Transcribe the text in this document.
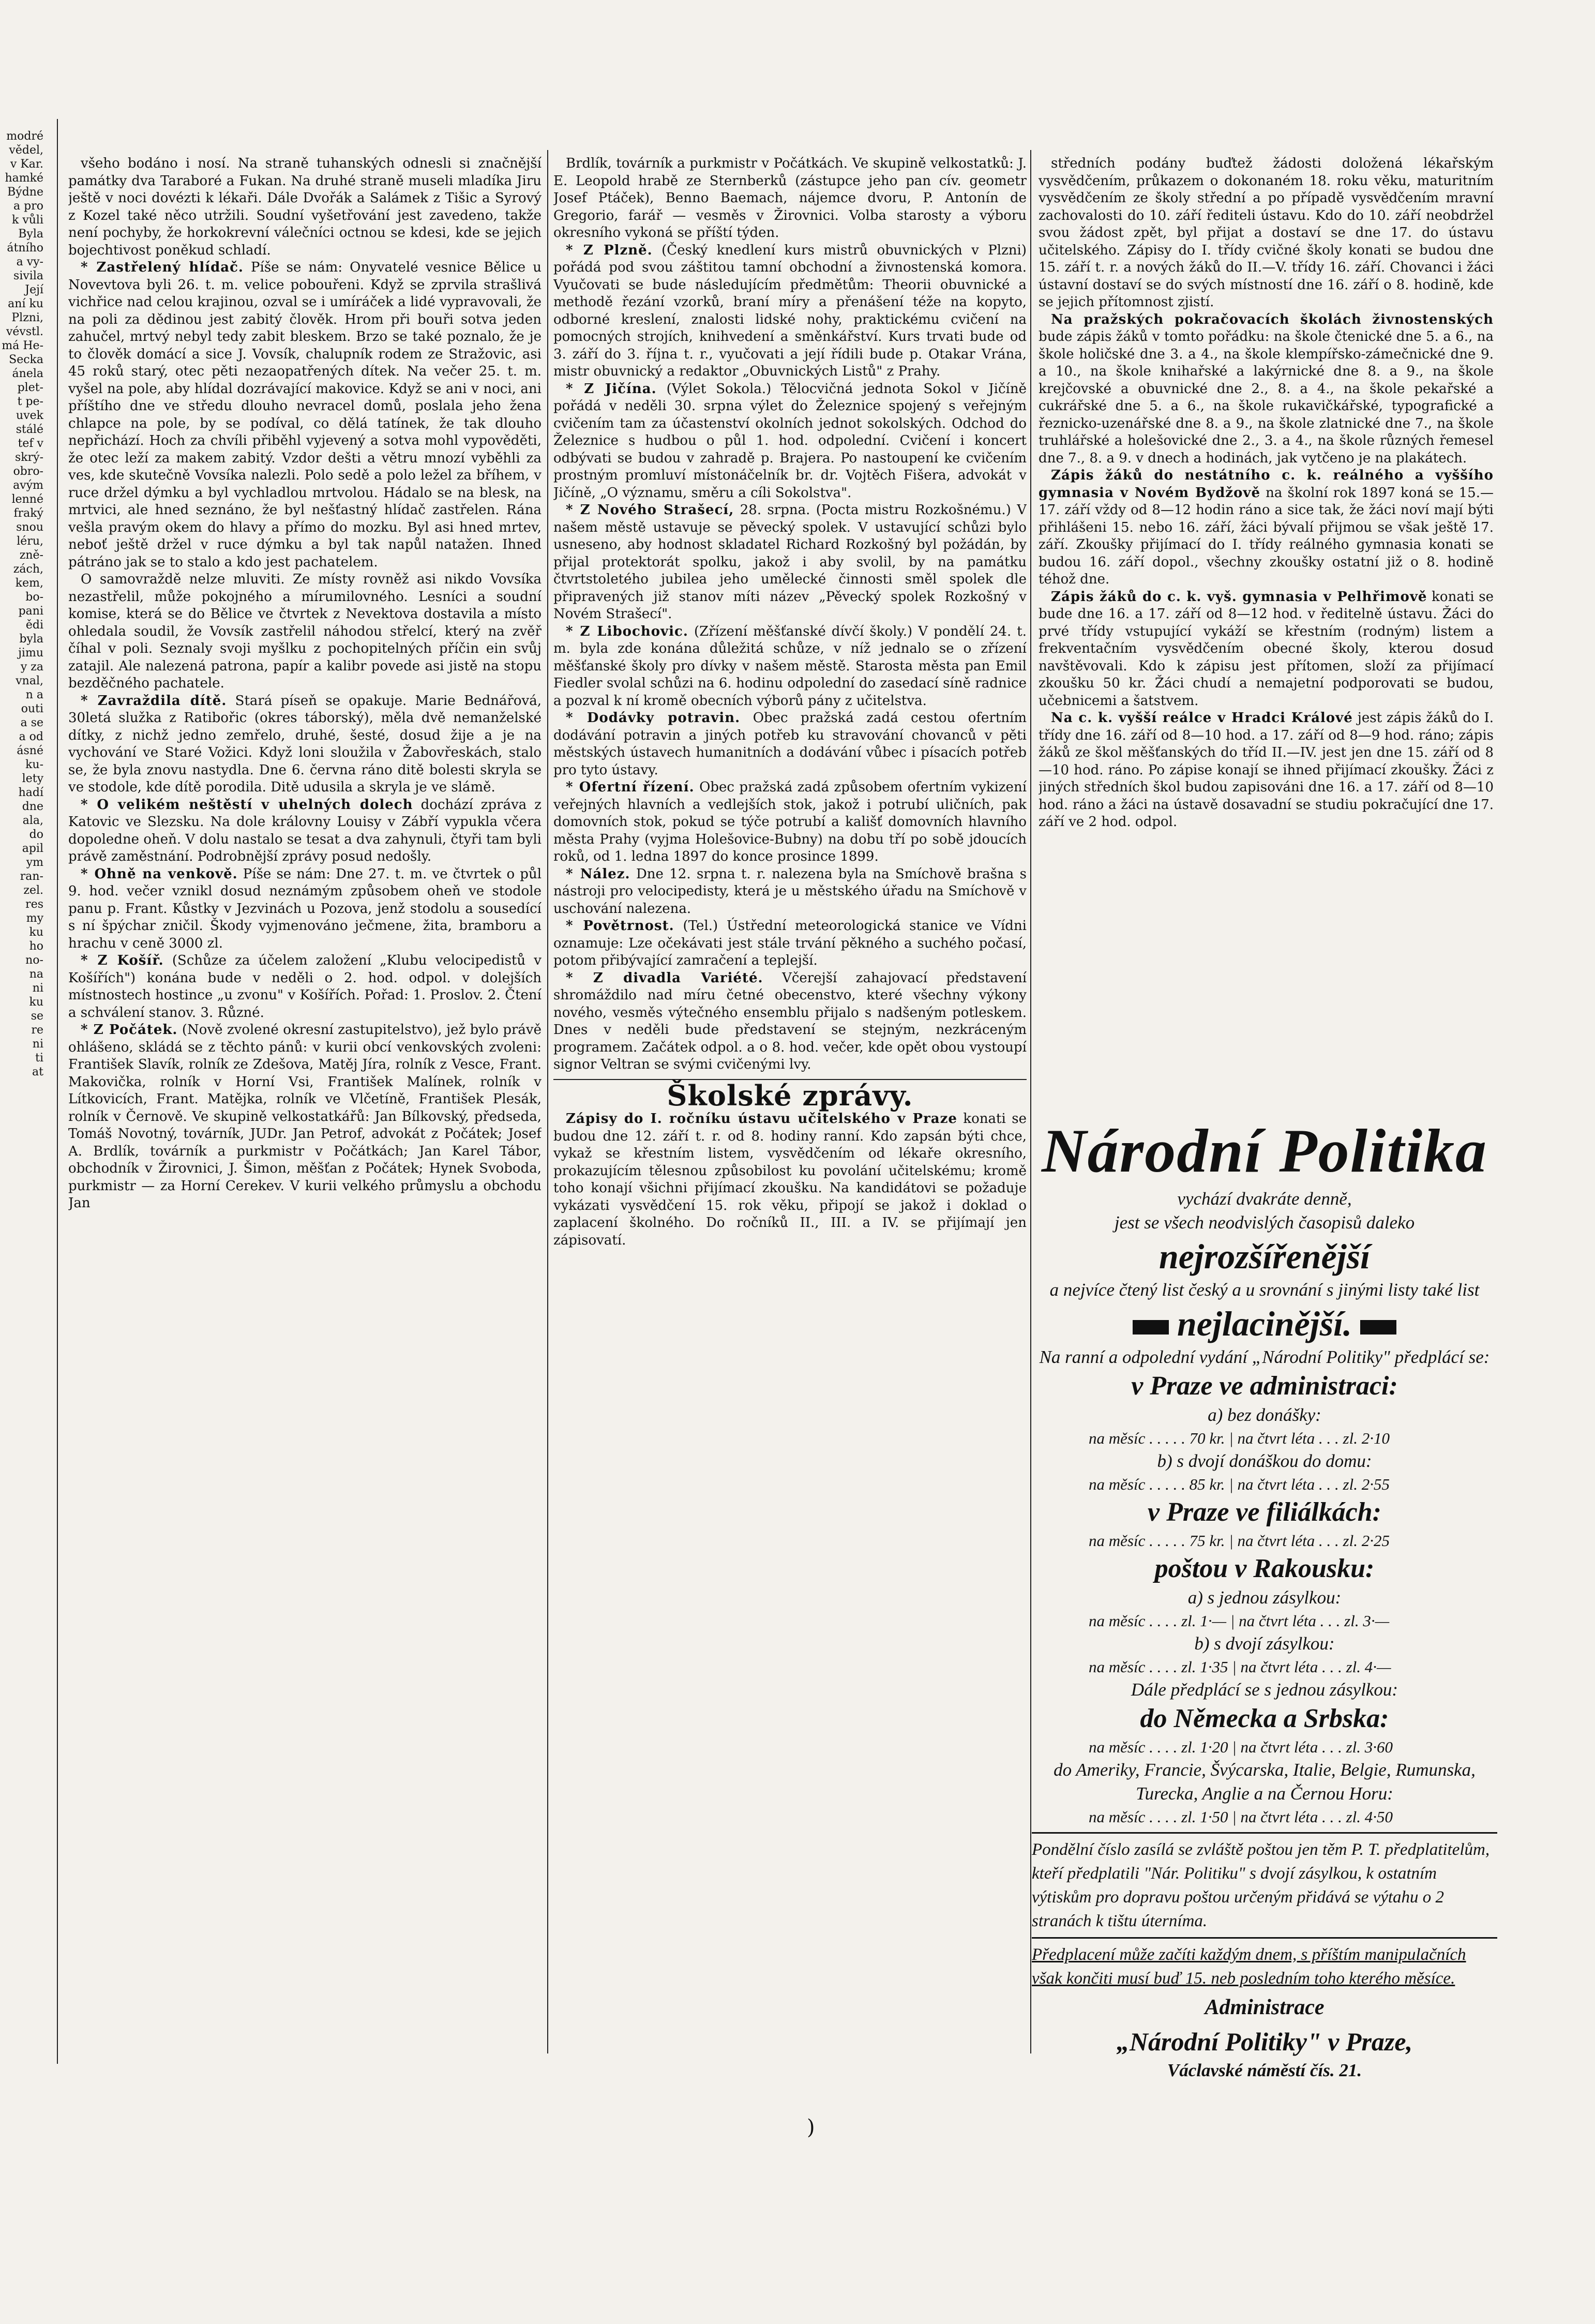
modré
vědel,
v Kar.
hamké
Býdne
a pro
k vůli
Byla
átního
a vy-
sivila
Její
aní ku
Plzni,
vévstl.
má He-
Secka
ánela
plet-
t pe-
uvek
stálé
tef v
skrý-
obro-
avým
lenné
fraký
snou
léru,
zně-
zách,
kem,
bo-
pani
ědi
byla
jimu
y za
vnal,
n a
outi
a se
a od
ásné
ku-
lety
hadí
dne
ala,
do
apil
ym
ran-
zel.
res
my
ku
ho
no-
na
ni
ku
se
re
ni
ti
at

všeho bodáno i nosí. Na straně tuhanských odnesli si značnější památky dva Taraboré a Fukan. Na druhé straně museli mladíka Jiru ještě v noci dovézti k lékaři. Dále Dvořák a Salámek z Tišic a Syrový z Kozel také něco utržili. Soudní vyšetřování jest zavedeno, takže není pochyby, že horkokrevní válečníci octnou se kdesi, kde se jejich bojechtivost poněkud schladí.

* Zastřelený hlídač. Píše se nám: Onyvatelé vesnice Bělice u Novevtova byli 26. t. m. velice pobouřeni. Když se zprvila strašlivá vichřice nad celou krajinou, ozval se i umíráček a lidé vypravovali, že na poli za dědinou jest zabitý člověk. Hrom při bouři sotva jeden zahučel, mrtvý nebyl tedy zabit bleskem. Brzo se také poznalo, že je to člověk domácí a sice J. Vovsík, chalupník rodem ze Stražovic, asi 45 roků starý, otec pěti nezaopatřených dítek. Na večer 25. t. m. vyšel na pole, aby hlídal dozrávající makovice. Když se ani v noci, ani příštího dne ve středu dlouho nevracel domů, poslala jeho žena chlapce na pole, by se podíval, co dělá tatínek, že tak dlouho nepřichází. Hoch za chvíli přiběhl vyjevený a sotva mohl vypověděti, že otec leží za makem zabitý. Vzdor dešti a větru mnozí vyběhli za ves, kde skutečně Vovsíka nalezli. Polo sedě a polo ležel za bříhem, v ruce držel dýmku a byl vychladlou mrtvolou. Hádalo se na blesk, na mrtvici, ale hned seznáno, že byl nešťastný hlídač zastřelen. Rána vešla pravým okem do hlavy a přímo do mozku. Byl asi hned mrtev, neboť ještě držel v ruce dýmku a byl tak napůl natažen. Ihned pátráno jak se to stalo a kdo jest pachatelem.

O samovraždě nelze mluviti. Ze místy rovněž asi nikdo Vovsíka nezastřelil, může pokojného a mírumilovného. Lesníci a soudní komise, která se do Bělice ve čtvrtek z Nevektova dostavila a místo ohledala soudil, že Vovsík zastřelil náhodou střelcí, který na zvěř číhal v poli. Seznaly svoji myšlku z pochopitelných příčin ein svůj zatajil. Ale nalezená patrona, papír a kalibr povede asi jistě na stopu bezděčného pachatele.

* Zavraždila dítě. Stará píseň se opakuje. Marie Bednářová, 30letá služka z Ratibořic (okres táborský), měla dvě nemanželské dítky, z nichž jedno zemřelo, druhé, šesté, dosud žije a je na vychování ve Staré Vožici. Když loni sloužila v Žabovřeskách, stalo se, že byla znovu nastydla. Dne 6. června ráno ditě bolesti skryla se ve stodole, kde dítě porodila. Ditě udusila a skryla je ve slámě.

* O velikém neštěstí v uhelných dolech dochází zpráva z Katovic ve Slezsku. Na dole královny Louisy v Zábří vypukla včera dopoledne oheň. V dolu nastalo se tesat a dva zahynuli, čtyři tam byli právě zaměstnání. Podrobnější zprávy posud nedošly.

* Ohně na venkově. Píše se nám: Dne 27. t. m. ve čtvrtek o půl 9. hod. večer vznikl dosud neznámým způsobem oheň ve stodole panu p. Frant. Kůstky v Jezvinách u Pozova, jenž stodolu a sousedící s ní špýchar zničil. Škody vyjmenováno ječmene, žita, bramboru a hrachu v ceně 3000 zl.

* Z Košíř. (Schůze za účelem založení „Klubu velocipedistů v Košířích") konána bude v neděli o 2. hod. odpol. v dolejších místnostech hostince „u zvonu" v Košířích. Pořad: 1. Proslov. 2. Čtení a schválení stanov. 3. Různé.

* Z Počátek. (Nově zvolené okresní zastupitelstvo), jež bylo právě ohlášeno, skládá se z těchto pánů: v kurii obcí venkovských zvoleni: František Slavík, rolník ze Zdešova, Matěj Jíra, rolník z Vesce, Frant. Makovička, rolník v Horní Vsi, František Malínek, rolník v Lítkovicích, Frant. Matějka, rolník ve Vlčetíně, František Plesák, rolník v Černově. Ve skupině velkostatkářů: Jan Bílkovský, předseda, Tomáš Novotný, továrník, JUDr. Jan Petrof, advokát z Počátek; Josef A. Brdlík, továrník a purkmistr v Počátkách; Jan Karel Tábor, obchodník v Žirovnici, J. Šimon, měšťan z Počátek; Hynek Svoboda, purkmistr — za Horní Cerekev. V kurii velkého průmyslu a obchodu Jan

Brdlík, továrník a purkmistr v Počátkách. Ve skupině velkostatků: J. E. Leopold hrabě ze Sternberků (zástupce jeho pan cív. geometr Josef Ptáček), Benno Baemach, nájemce dvoru, P. Antonín de Gregorio, farář — vesměs v Žirovnici. Volba starosty a výboru okresního vykoná se příští týden.

* Z Plzně. (Český knedlení kurs mistrů obuvnických v Plzni) pořádá pod svou záštitou tamní obchodní a živnostenská komora. Vyučovati se bude následujícím předmětům: Theorii obuvnické a methodě řezání vzorků, braní míry a přenášení téže na kopyto, odborné kreslení, znalosti lidské nohy, praktickému cvičení na pomocných strojích, knihvedení a směnkářství. Kurs trvati bude od 3. září do 3. října t. r., vyučovati a její řídili bude p. Otakar Vrána, mistr obuvnický a redaktor „Obuvnických Listů" z Prahy.

* Z Jičína. (Výlet Sokola.) Tělocvičná jednota Sokol v Jičíně pořádá v neděli 30. srpna výlet do Železnice spojený s veřejným cvičením tam za účastenství okolních jednot sokolských. Odchod do Železnice s hudbou o půl 1. hod. odpolední. Cvičení i koncert odbývati se budou v zahradě p. Brajera. Po nastoupení ke cvičením prostným promluví místonáčelník br. dr. Vojtěch Fišera, advokát v Jičíně, „O významu, směru a cíli Sokolstva".

* Z Nového Strašecí, 28. srpna. (Pocta mistru Rozkošnému.) V našem městě ustavuje se pěvecký spolek. V ustavující schůzi bylo usneseno, aby hodnost skladatel Richard Rozkošný byl požádán, by přijal protektorát spolku, jakož i aby svolil, by na památku čtvrtstoletého jubilea jeho umělecké činnosti směl spolek dle připravených již stanov míti název „Pěvecký spolek Rozkošný v Novém Strašecí".

* Z Libochovic. (Zřízení měšťanské dívčí školy.) V pondělí 24. t. m. byla zde konána důležitá schůze, v níž jednalo se o zřízení měšťanské školy pro dívky v našem městě. Starosta města pan Emil Fiedler svolal schůzi na 6. hodinu odpolední do zasedací síně radnice a pozval k ní kromě obecních výborů pány z učitelstva.

* Dodávky potravin. Obec pražská zadá cestou ofertním dodávání potravin a jiných potřeb ku stravování chovanců v pěti městských ústavech humanitních a dodávání vůbec i písacích potřeb pro tyto ústavy.

* Ofertní řízení. Obec pražská zadá způsobem ofertním vykizení veřejných hlavních a vedlejších stok, jakož i potrubí uličních, pak domovních stok, pokud se týče potrubí a kališť domovních hlavního města Prahy (vyjma Holešovice-Bubny) na dobu tří po sobě jdoucích roků, od 1. ledna 1897 do konce prosince 1899.

* Nález. Dne 12. srpna t. r. nalezena byla na Smíchově brašna s nástroji pro velocipedisty, která je u městského úřadu na Smíchově v uschování nalezena.

* Povětrnost. (Tel.) Ústřední meteorologická stanice ve Vídni oznamuje: Lze očekávati jest stále trvání pěkného a suchého počasí, potom přibývající zamračení a teplejší.

* Z divadla Variété. Včerejší zahajovací představení shromáždilo nad míru četné obecenstvo, které všechny výkony nového, vesměs výtečného ensemblu přijalo s nadšeným potleskem. Dnes v neděli bude představení se stejným, nezkráceným programem. Začátek odpol. a o 8. hod. večer, kde opět obou vystoupí signor Veltran se svými cvičenými lvy.

Školské zprávy.

Zápisy do I. ročníku ústavu učitelského v Praze konati se budou dne 12. září t. r. od 8. hodiny ranní. Kdo zapsán býti chce, vykaž se křestním listem, vysvědčením od lékaře okresního, prokazujícím tělesnou způsobilost ku povolání učitelskému; kromě toho konají všichni přijímací zkoušku. Na kandidátovi se požaduje vykázati vysvědčení 15. rok věku, připojí se jakož i doklad o zaplacení školného. Do ročníků II., III. a IV. se přijímají jen zápisovatí.

středních podány buďtež žádosti doložená lékařským vysvědčením, průkazem o dokonaném 18. roku věku, maturitním vysvědčením ze školy střední a po případě vysvědčením mravní zachovalosti do 10. září řediteli ústavu. Kdo do 10. září neobdržel svou žádost zpět, byl přijat a dostaví se dne 17. do ústavu učitelského. Zápisy do I. třídy cvičné školy konati se budou dne 15. září t. r. a nových žáků do II.—V. třídy 16. září. Chovanci i žáci ústavní dostaví se do svých místností dne 16. září o 8. hodině, kde se jejich přítomnost zjistí.

Na pražských pokračovacích školách živnostenských bude zápis žáků v tomto pořádku: na škole čtenické dne 5. a 6., na škole holičské dne 3. a 4., na škole klempířsko-zámečnické dne 9. a 10., na škole knihařské a lakýrnické dne 8. a 9., na škole krejčovské a obuvnické dne 2., 8. a 4., na škole pekařské a cukrářské dne 5. a 6., na škole rukavičkářské, typografické a řeznicko-uzenářské dne 8. a 9., na škole zlatnické dne 7., na škole truhlářské a holešovické dne 2., 3. a 4., na škole různých řemesel dne 7., 8. a 9. v dnech a hodinách, jak vytčeno je na plakátech.

Zápis žáků do nestátního c. k. reálného a vyššího gymnasia v Novém Bydžově na školní rok 1897 koná se 15.—17. září vždy od 8—12 hodin ráno a sice tak, že žáci noví mají býti přihlášeni 15. nebo 16. září, žáci bývalí přijmou se však ještě 17. září. Zkoušky přijímací do I. třídy reálného gymnasia konati se budou 16. září dopol., všechny zkoušky ostatní již o 8. hodině téhož dne.

Zápis žáků do c. k. vyš. gymnasia v Pelhřimově konati se bude dne 16. a 17. září od 8—12 hod. v ředitelně ústavu. Žáci do prvé třídy vstupující vykáží se křestním (rodným) listem a frekventačním vysvědčením obecné školy, kterou dosud navštěvovali. Kdo k zápisu jest přítomen, složí za přijímací zkoušku 50 kr. Žáci chudí a nemajetní podporovati se budou, učebnicemi a šatstvem.

Na c. k. vyšší reálce v Hradci Králové jest zápis žáků do I. třídy dne 16. září od 8—10 hod. a 17. září od 8—9 hod. ráno; zápis žáků ze škol měšťanských do tříd II.—IV. jest jen dne 15. září od 8—10 hod. ráno. Po zápise konají se ihned přijímací zkoušky. Žáci z jiných středních škol budou zapisováni dne 16. a 17. září od 8—10 hod. ráno a žáci na ústavě dosavadní se studiu pokračující dne 17. září ve 2 hod. odpol.

Národní Politika
vychází dvakráte denně,
jest se všech neodvislých časopisů daleko
nejrozšířenější
a nejvíce čtený list český a u srovnání s jinými listy také list
nejlacinější.
Na ranní a odpolední vydání „Národní Politiky" předplácí se:
v Praze ve administraci:
a) bez donášky:
na měsíc . . . . . 70 kr. | na čtvrt léta . . . zl. 2·10
b) s dvojí donáškou do domu:
na měsíc . . . . . 85 kr. | na čtvrt léta . . . zl. 2·55
v Praze ve filiálkách:
na měsíc . . . . . 75 kr. | na čtvrt léta . . . zl. 2·25
poštou v Rakousku:
a) s jednou zásylkou:
na měsíc . . . . zl. 1·— | na čtvrt léta . . . zl. 3·—
b) s dvojí zásylkou:
na měsíc . . . . zl. 1·35 | na čtvrt léta . . . zl. 4·—
Dále předplácí se s jednou zásylkou:
do Německa a Srbska:
na měsíc . . . . zl. 1·20 | na čtvrt léta . . . zl. 3·60
do Ameriky, Francie, Švýcarska, Italie, Belgie, Rumunska, Turecka, Anglie a na Černou Horu:
na měsíc . . . . zl. 1·50 | na čtvrt léta . . . zl. 4·50
Pondělní číslo zasílá se zvláště poštou jen těm P. T. předplatitelům, kteří předplatili "Nár. Politiku" s dvojí zásylkou, k ostatním výtiskům pro dopravu poštou určeným přidává se výtahu o 2 stranách k tištu úterníma.
Předplacení může začíti každým dnem, s příštím manipulačních však končiti musí buď 15. neb posledním toho kterého měsíce.
Administrace
„Národní Politiky" v Praze,
Václavské náměstí čís. 21.
)
